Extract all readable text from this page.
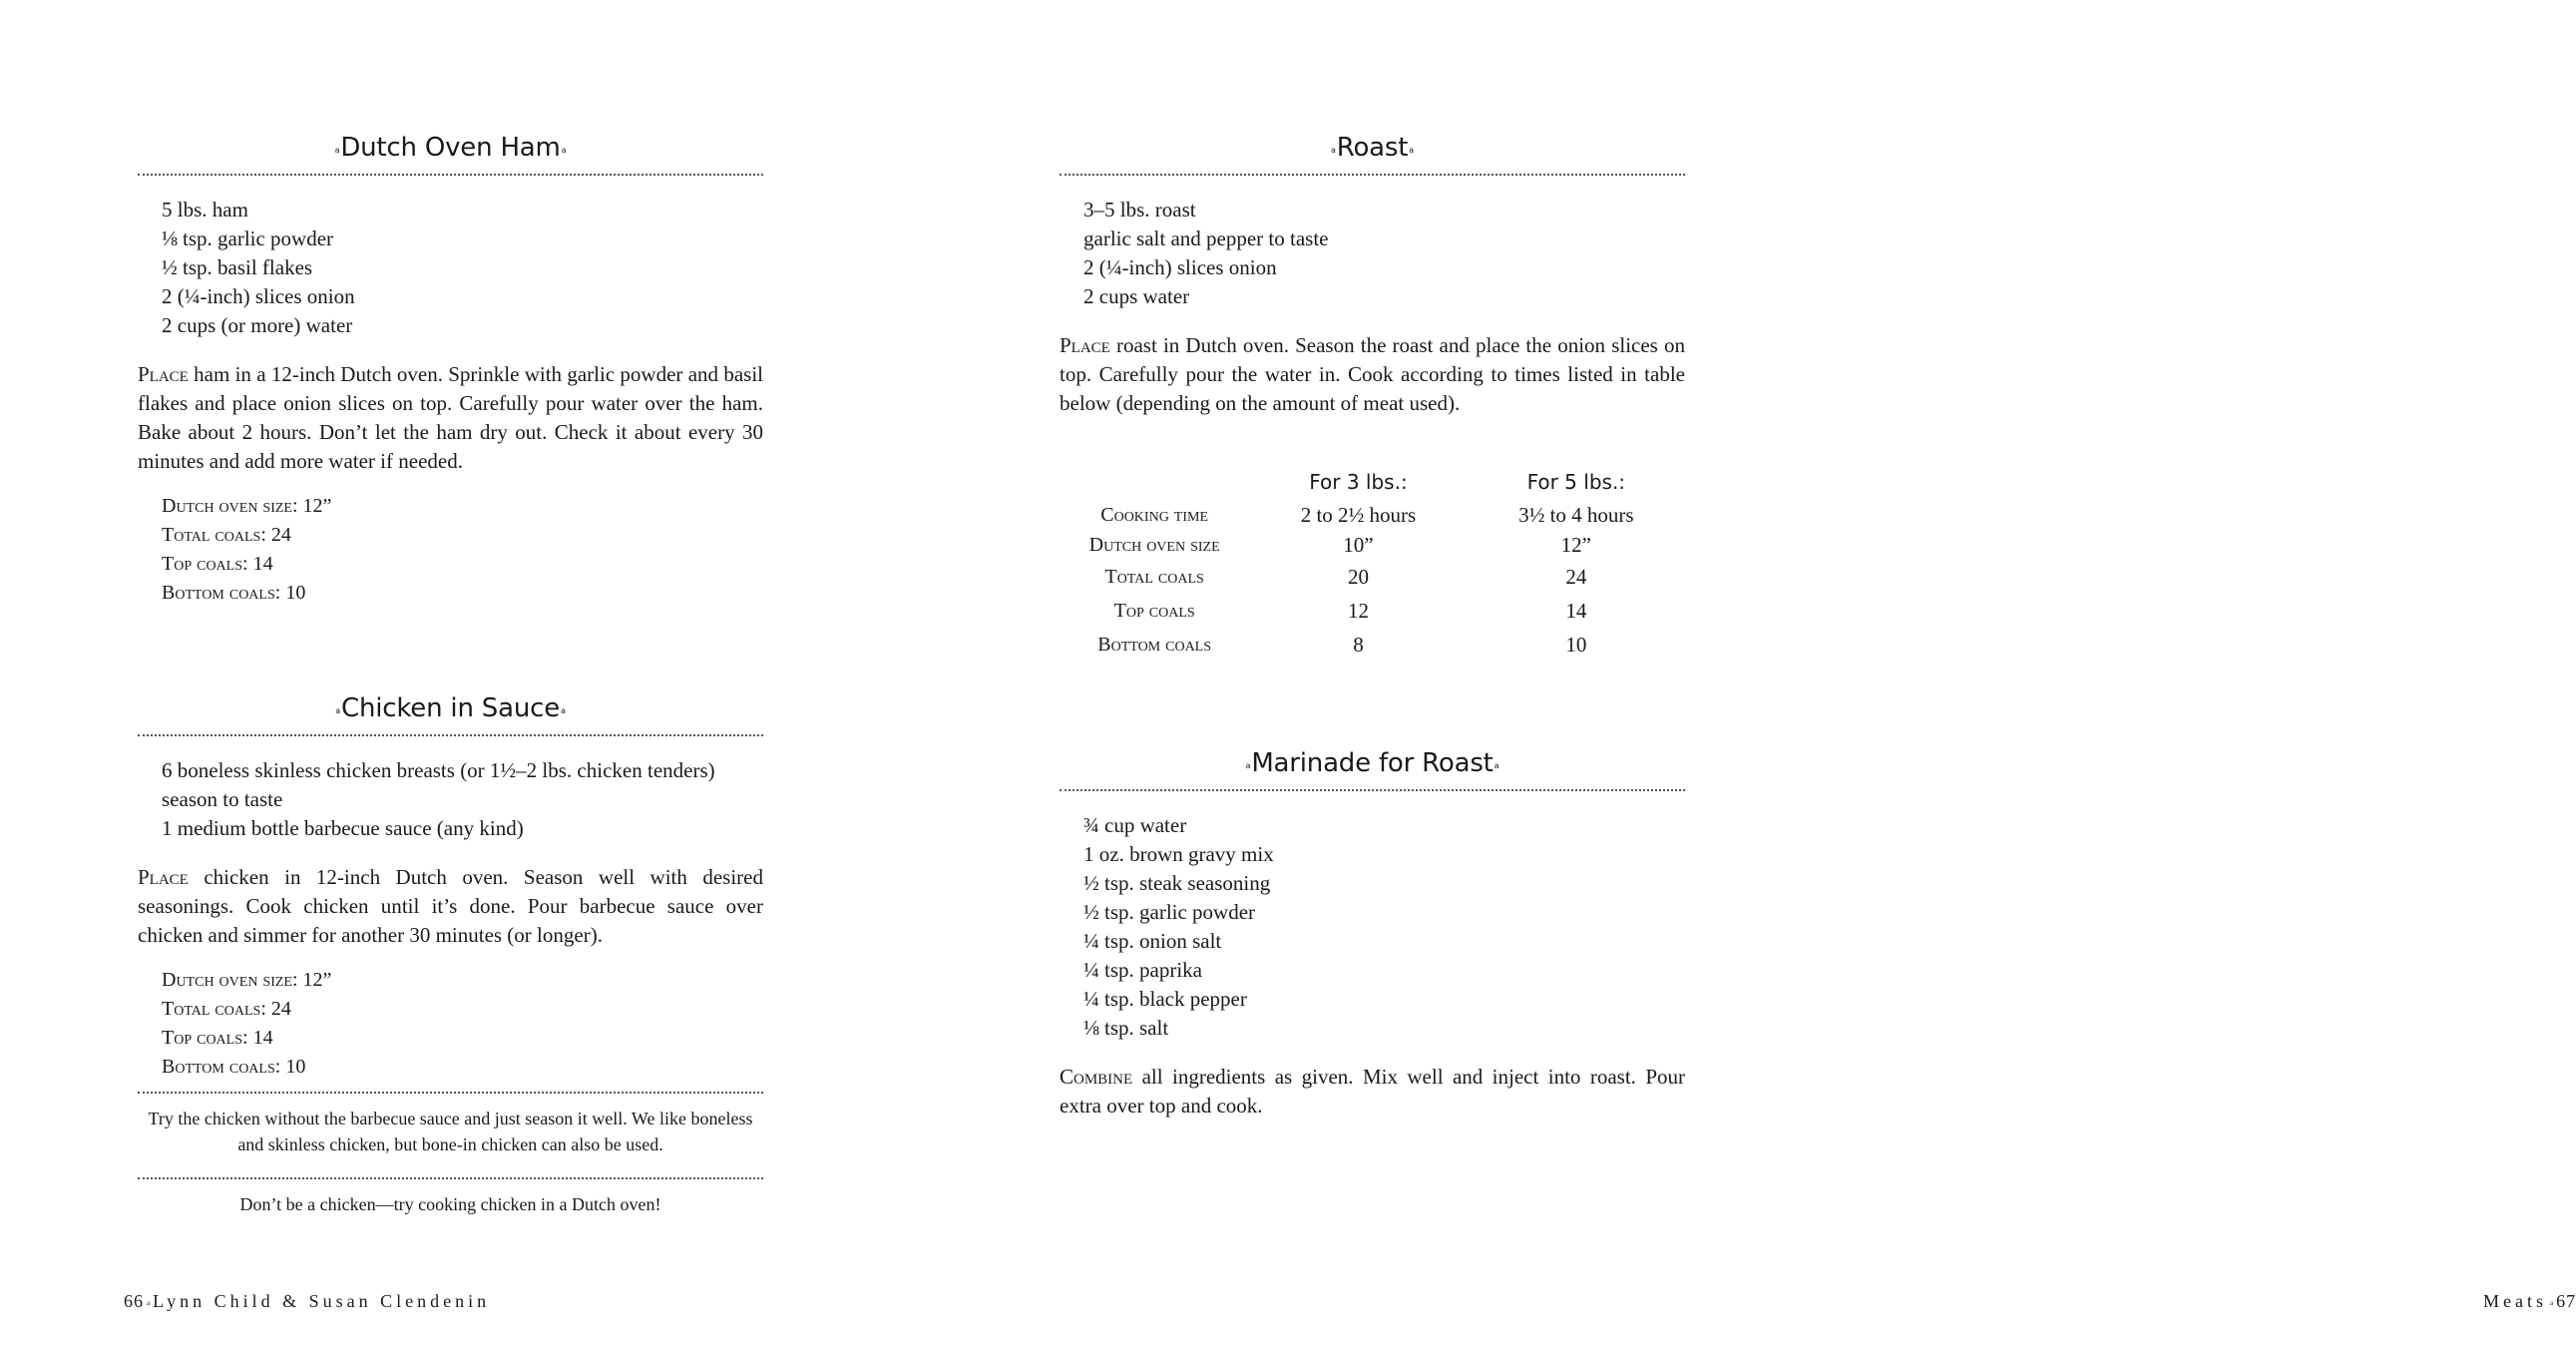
aDutch Oven Hama
5 lbs. ham
⅛ tsp. garlic powder
½ tsp. basil flakes
2 (¼-inch) slices onion
2 cups (or more) water

Place ham in a 12-inch Dutch oven. Sprinkle with garlic powder and basil flakes and place onion slices on top. Carefully pour water over the ham. Bake about 2 hours. Don’t let the ham dry out. Check it about every 30 minutes and add more water if needed.

Dutch oven size: 12”
Total coals: 24
Top coals: 14
Bottom coals: 10
aChicken in Saucea
6 boneless skinless chicken breasts (or 1½–2 lbs. chicken tenders)
season to taste
1 medium bottle barbecue sauce (any kind)

Place chicken in 12-inch Dutch oven. Season well with desired seasonings. Cook chicken until it’s done. Pour barbecue sauce over chicken and simmer for another 30 minutes (or longer).

Dutch oven size: 12”
Total coals: 24
Top coals: 14
Bottom coals: 10

Try the chicken without the barbecue sauce and just season it well. We like boneless and skinless chicken, but bone-in chicken can also be used.

Don’t be a chicken—try cooking chicken in a Dutch oven!

66 a Lynn Child & Susan Clendenin
aRoasta
3–5 lbs. roast
garlic salt and pepper to taste
2 (¼-inch) slices onion
2 cups water

Place roast in Dutch oven. Season the roast and place the onion slices on top. Carefully pour the water in. Cook according to times listed in table below (depending on the amount of meat used).

	For 3 lbs.:	For 5 lbs.:
Cooking time	2 to 2½ hours	3½ to 4 hours
Dutch oven size	10”	12”
Total coals	20	24
Top coals	12	14
Bottom coals	8	10
aMarinade for Roasta
¾ cup water
1 oz. brown gravy mix
½ tsp. steak seasoning
½ tsp. garlic powder
¼ tsp. onion salt
¼ tsp. paprika
¼ tsp. black pepper
⅛ tsp. salt

Combine all ingredients as given. Mix well and inject into roast. Pour extra over top and cook.

Meats a 67
